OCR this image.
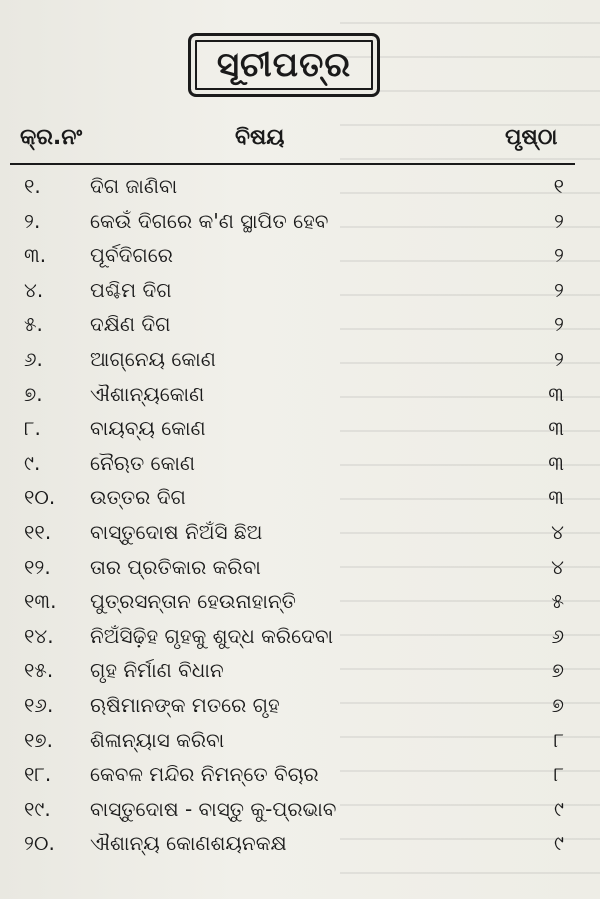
ସୂଚୀପତ୍ର
କ୍ର.ନଂ	ବିଷୟ	ପୃଷ୍ଠା
୧. ଦିଗ ଜାଣିବା	୧
୨. କେଉଁ ଦିଗରେ କ'ଣ ସ୍ଥାପିତ ହେବ	୨
୩. ପୂର୍ବଦିଗରେ	୨
୪. ପଶ୍ଚିମ ଦିଗ	୨
୫. ଦକ୍ଷିଣ ଦିଗ	୨
୬. ଆଗ୍ନେୟ କୋଣ	୨
୭. ଐଶାନ୍ୟକୋଣ	୩
୮. ବାୟବ୍ୟ କୋଣ	୩
୯. ନୈଋତ କୋଣ	୩
୧୦. ଉତ୍ତର ଦିଗ	୩
୧୧. ବାସ୍ତୁଦୋଷ ନିଅଁସି ଛିଅ	୪
୧୨. ତାର ପ୍ରତିକାର କରିବା	୪
୧୩. ପୁତ୍ରସନ୍ତାନ ହେଉନାହାନ୍ତି	୫
୧୪. ନିଅଁସିଢ଼ିହ ଗୃହକୁ ଶୁଦ୍ଧ କରିଦେବା	୬
୧୫. ଗୃହ ନିର୍ମାଣ ବିଧାନ	୭
୧୬. ଋଷିମାନଙ୍କ ମତରେ ଗୃହ	୭
୧୭. ଶିଳାନ୍ୟାସ କରିବା	୮
୧୮. କେବଳ ମନ୍ଦିର ନିମନ୍ତେ ବିଚାର	୮
୧୯. ବାସ୍ତୁଦୋଷ - ବାସ୍ତୁ କୁ-ପ୍ରଭାବ	୯
୨୦. ଐଶାନ୍ୟ କୋଣଶୟନକକ୍ଷ	୯
